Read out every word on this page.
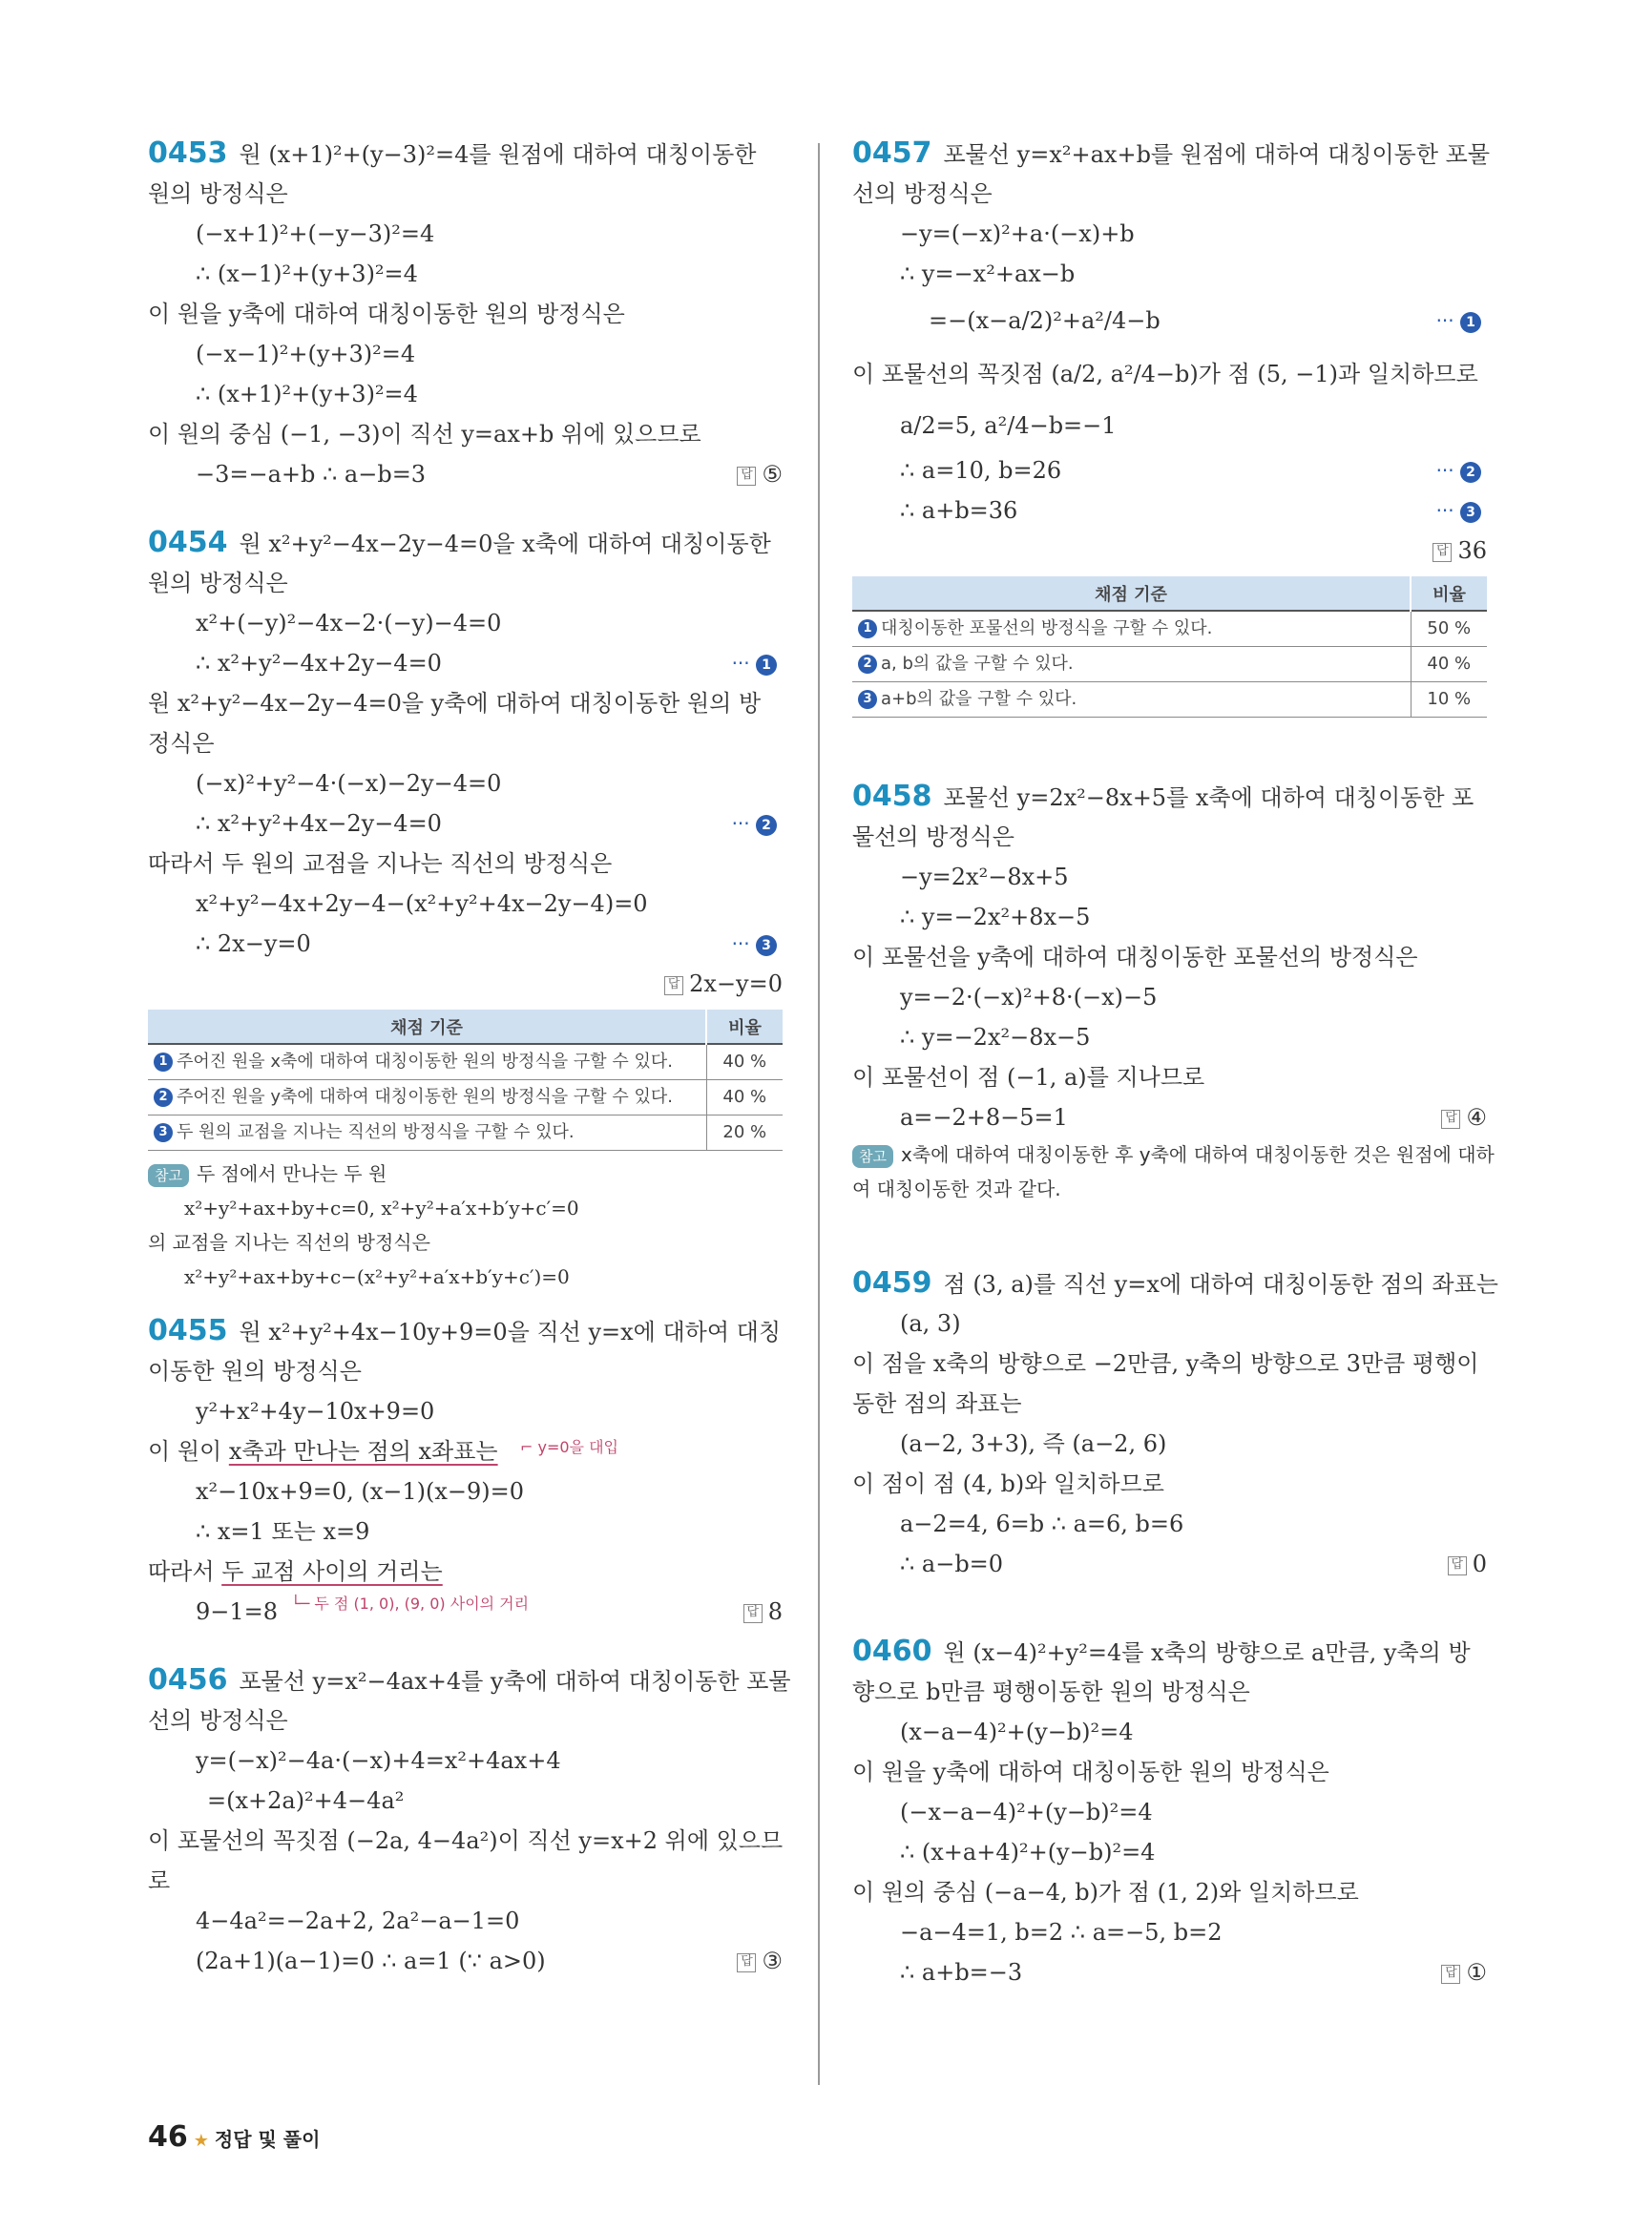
0453 원 (x+1)²+(y−3)²=4를 원점에 대하여 대칭이동한
원의 방정식은
(−x+1)²+(−y−3)²=4
∴ (x−1)²+(y+3)²=4
이 원을 y축에 대하여 대칭이동한 원의 방정식은
(−x−1)²+(y+3)²=4
∴ (x+1)²+(y+3)²=4
이 원의 중심 (−1, −3)이 직선 y=ax+b 위에 있으므로
−3=−a+b ∴ a−b=3	답 ⑤
0454 원 x²+y²−4x−2y−4=0을 x축에 대하여 대칭이동한
원의 방정식은
x²+(−y)²−4x−2·(−y)−4=0
∴ x²+y²−4x+2y−4=0	··· 1
원 x²+y²−4x−2y−4=0을 y축에 대하여 대칭이동한 원의 방
정식은
(−x)²+y²−4·(−x)−2y−4=0
∴ x²+y²+4x−2y−4=0	··· 2
따라서 두 원의 교점을 지나는 직선의 방정식은
x²+y²−4x+2y−4−(x²+y²+4x−2y−4)=0
∴ 2x−y=0	··· 3
답 2x−y=0
채점 기준	비율
1 주어진 원을 x축에 대하여 대칭이동한 원의 방정식을 구할 수 있다.	40 %
2 주어진 원을 y축에 대하여 대칭이동한 원의 방정식을 구할 수 있다.	40 %
3 두 원의 교점을 지나는 직선의 방정식을 구할 수 있다.	20 %
참고 두 점에서 만나는 두 원
x²+y²+ax+by+c=0, x²+y²+a′x+b′y+c′=0
의 교점을 지나는 직선의 방정식은
x²+y²+ax+by+c−(x²+y²+a′x+b′y+c′)=0
0455 원 x²+y²+4x−10y+9=0을 직선 y=x에 대하여 대칭
이동한 원의 방정식은
y²+x²+4y−10x+9=0
이 원이 x축과 만나는 점의 x좌표는 ⌐ y=0을 대입
x²−10x+9=0, (x−1)(x−9)=0
∴ x=1 또는 x=9
따라서 두 교점 사이의 거리는
9−1=8 └─ 두 점 (1, 0), (9, 0) 사이의 거리	답 8
0456 포물선 y=x²−4ax+4를 y축에 대하여 대칭이동한 포물
선의 방정식은
y=(−x)²−4a·(−x)+4=x²+4ax+4
=(x+2a)²+4−4a²
이 포물선의 꼭짓점 (−2a, 4−4a²)이 직선 y=x+2 위에 있으므
로
4−4a²=−2a+2, 2a²−a−1=0
(2a+1)(a−1)=0 ∴ a=1 (∵ a>0)	답 ③
0457 포물선 y=x²+ax+b를 원점에 대하여 대칭이동한 포물
선의 방정식은
−y=(−x)²+a·(−x)+b
∴ y=−x²+ax−b
=−(x−a/2)²+a²/4−b	··· 1
이 포물선의 꼭짓점 (a/2, a²/4−b)가 점 (5, −1)과 일치하므로
a/2=5, a²/4−b=−1
∴ a=10, b=26	··· 2
∴ a+b=36	··· 3
답 36
채점 기준	비율
1 대칭이동한 포물선의 방정식을 구할 수 있다.	50 %
2 a, b의 값을 구할 수 있다.	40 %
3 a+b의 값을 구할 수 있다.	10 %
0458 포물선 y=2x²−8x+5를 x축에 대하여 대칭이동한 포
물선의 방정식은
−y=2x²−8x+5
∴ y=−2x²+8x−5
이 포물선을 y축에 대하여 대칭이동한 포물선의 방정식은
y=−2·(−x)²+8·(−x)−5
∴ y=−2x²−8x−5
이 포물선이 점 (−1, a)를 지나므로
a=−2+8−5=1	답 ④
참고 x축에 대하여 대칭이동한 후 y축에 대하여 대칭이동한 것은 원점에 대하
여 대칭이동한 것과 같다.
0459 점 (3, a)를 직선 y=x에 대하여 대칭이동한 점의 좌표는
(a, 3)
이 점을 x축의 방향으로 −2만큼, y축의 방향으로 3만큼 평행이
동한 점의 좌표는
(a−2, 3+3), 즉 (a−2, 6)
이 점이 점 (4, b)와 일치하므로
a−2=4, 6=b ∴ a=6, b=6
∴ a−b=0	답 0
0460 원 (x−4)²+y²=4를 x축의 방향으로 a만큼, y축의 방
향으로 b만큼 평행이동한 원의 방정식은
(x−a−4)²+(y−b)²=4
이 원을 y축에 대하여 대칭이동한 원의 방정식은
(−x−a−4)²+(y−b)²=4
∴ (x+a+4)²+(y−b)²=4
이 원의 중심 (−a−4, b)가 점 (1, 2)와 일치하므로
−a−4=1, b=2 ∴ a=−5, b=2
∴ a+b=−3	답 ①
46 ★ 정답 및 풀이
